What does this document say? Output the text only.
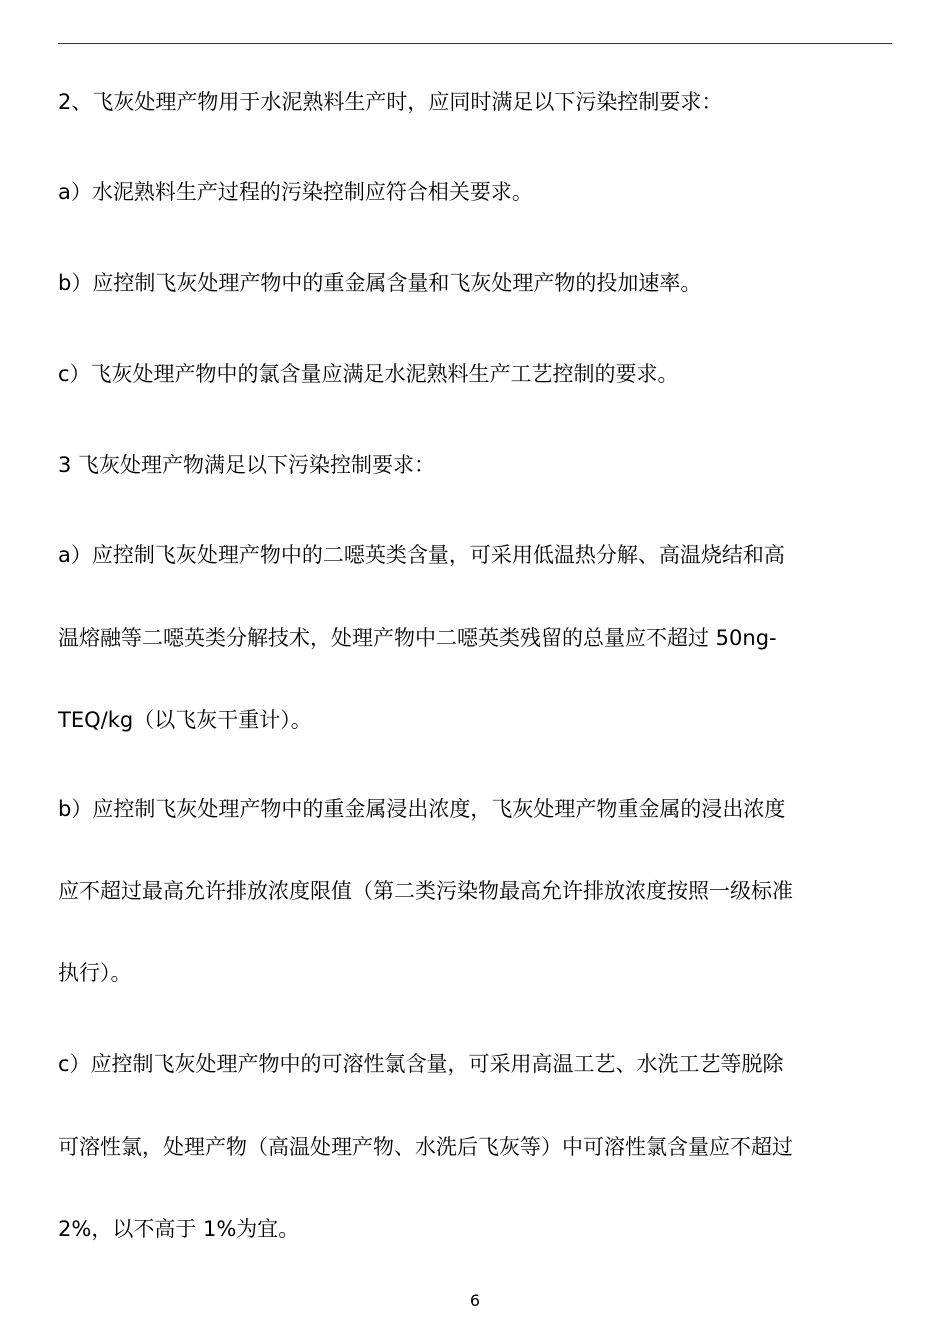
2、飞灰处理产物用于水泥熟料生产时，应同时满足以下污染控制要求：
a）水泥熟料生产过程的污染控制应符合相关要求。
b）应控制飞灰处理产物中的重金属含量和飞灰处理产物的投加速率。
c）飞灰处理产物中的氯含量应满足水泥熟料生产工艺控制的要求。
3 飞灰处理产物满足以下污染控制要求：
a）应控制飞灰处理产物中的二噁英类含量，可采用低温热分解、高温烧结和高
温熔融等二噁英类分解技术，处理产物中二噁英类残留的总量应不超过 50ng-
TEQ/kg（以飞灰干重计）。
b）应控制飞灰处理产物中的重金属浸出浓度，飞灰处理产物重金属的浸出浓度
应不超过最高允许排放浓度限值（第二类污染物最高允许排放浓度按照一级标准
执行）。
c）应控制飞灰处理产物中的可溶性氯含量，可采用高温工艺、水洗工艺等脱除
可溶性氯，处理产物（高温处理产物、水洗后飞灰等）中可溶性氯含量应不超过
2%，以不高于 1%为宜。
6
